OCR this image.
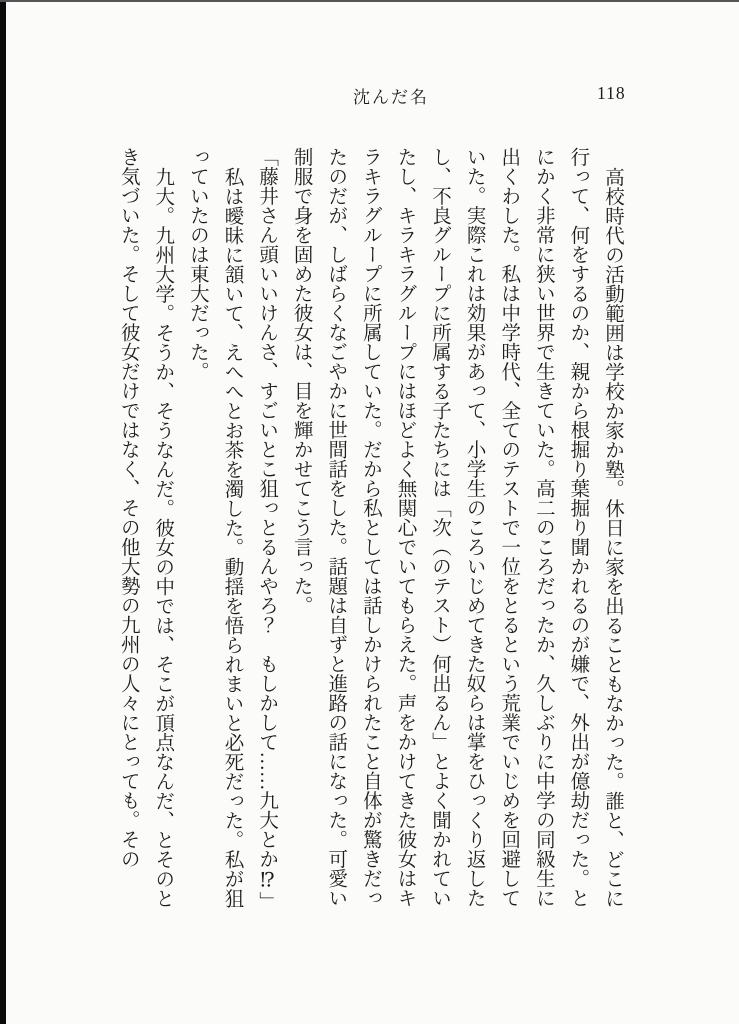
沈んだ名	118

高校時代の活動範囲は学校か家か塾。休日に家を出ることもなかった。誰と、どこに行って、何をするのか、親から根掘り葉掘り聞かれるのが嫌で、外出が億劫だった。とにかく非常に狭い世界で生きていた。高二のころだったか、久しぶりに中学の同級生に出くわした。私は中学時代、全てのテストで一位をとるという荒業でいじめを回避していた。実際これは効果があって、小学生のころいじめてきた奴らは掌をひっくり返したし、不良グループに所属する子たちには「次（のテスト）何出るん」とよく聞かれていたし、キラキラグループにはほどよく無関心でいてもらえた。声をかけてきた彼女はキラキラグループに所属していた。だから私としては話しかけられたこと自体が驚きだったのだが、しばらくなごやかに世間話をした。話題は自ずと進路の話になった。可愛い制服で身を固めた彼女は、目を輝かせてこう言った。

「藤井さん頭いいけんさ、すごいとこ狙っとるんやろ？　もしかして……九大とか⁉」

私は曖昧に頷いて、えへへとお茶を濁した。動揺を悟られまいと必死だった。私が狙っていたのは東大だった。

九大。九州大学。そうか、そうなんだ。彼女の中では、そこが頂点なんだ、とそのとき気づいた。そして彼女だけではなく、その他大勢の九州の人々にとっても。その
